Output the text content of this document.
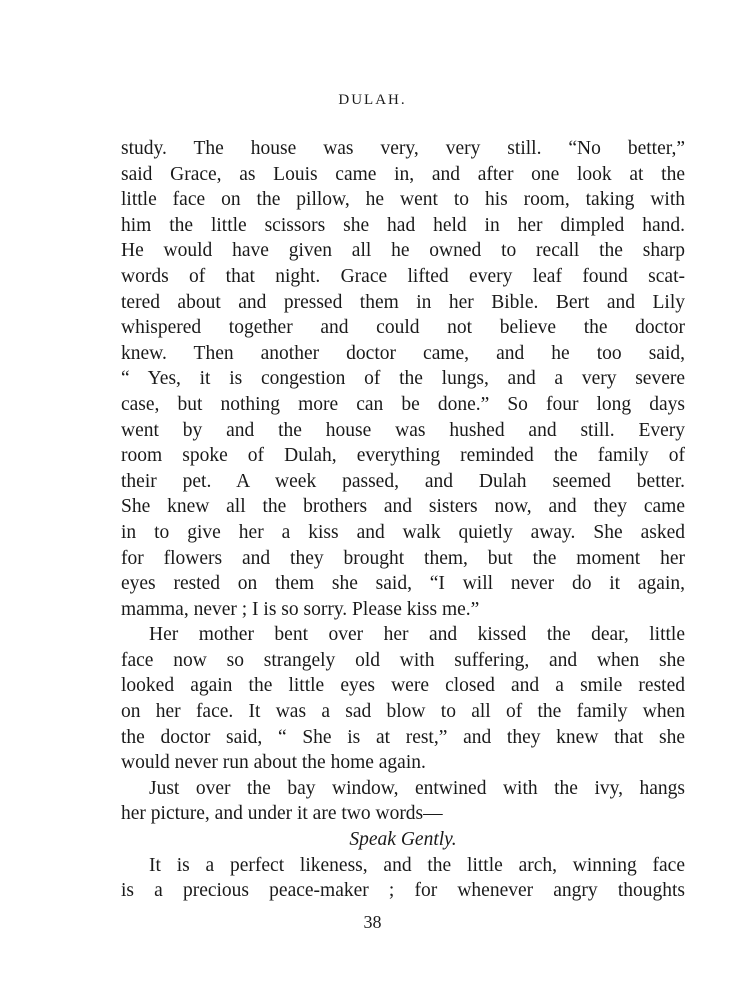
DULAH.
study. The house was very, very still. “No better,”
said Grace, as Louis came in, and after one look at the
little face on the pillow, he went to his room, taking with
him the little scissors she had held in her dimpled hand.
He would have given all he owned to recall the sharp
words of that night. Grace lifted every leaf found scat-
tered about and pressed them in her Bible. Bert and Lily
whispered together and could not believe the doctor
knew. Then another doctor came, and he too said,
“ Yes, it is congestion of the lungs, and a very severe
case, but nothing more can be done.” So four long days
went by and the house was hushed and still. Every
room spoke of Dulah, everything reminded the family of
their pet. A week passed, and Dulah seemed better.
She knew all the brothers and sisters now, and they came
in to give her a kiss and walk quietly away. She asked
for flowers and they brought them, but the moment her
eyes rested on them she said, “I will never do it again,
mamma, never ; I is so sorry. Please kiss me.”
Her mother bent over her and kissed the dear, little
face now so strangely old with suffering, and when she
looked again the little eyes were closed and a smile rested
on her face. It was a sad blow to all of the family when
the doctor said, “ She is at rest,” and they knew that she
would never run about the home again.
Just over the bay window, entwined with the ivy, hangs
her picture, and under it are two words—
Speak Gently.
It is a perfect likeness, and the little arch, winning face
is a precious peace-maker ; for whenever angry thoughts
38
